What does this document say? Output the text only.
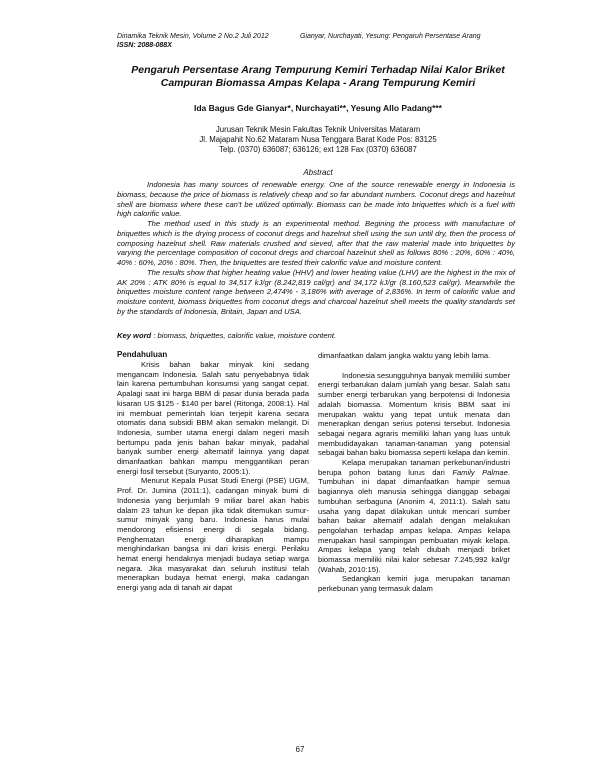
Dinamika Teknik Mesin, Volume 2 No.2 Juli 2012
ISSN: 2088-088X
Gianyar, Nurchayati, Yesung: Pengaruh Persentase Arang
Pengaruh Persentase Arang Tempurung Kemiri Terhadap Nilai Kalor Briket Campuran Biomassa Ampas Kelapa - Arang Tempurung Kemiri
Ida Bagus Gde Gianyar*, Nurchayati**, Yesung Allo Padang***
Jurusan Teknik Mesin Fakultas Teknik Universitas Mataram
Jl. Majapahit No.62 Mataram Nusa Tenggara Barat Kode Pos: 83125
Telp. (0370) 636087; 636126; ext 128 Fax (0370) 636087
Abstract

Indonesia has many sources of renewable energy. One of the source renewable energy in Indonesia is biomass, because the price of biomass is relatively cheap and so far abundant numbers. Coconut dregs and hazelnut shell are biomass where these can't be utilized optimally. Biomass can be made into briquettes which is a fuel with high calorific value.

The method used in this study is an experimental method. Begining the process with manufacture of briquettes which is the drying process of coconut dregs and hazelnut shell using the sun until dry, then the process of composing hazelnut shell. Raw materials crushed and sieved, after that the raw material made into briquettes by varying the percentage composition of coconut dregs and charcoal hazelnut shell as follows 80% : 20%, 60% : 40%, 40% : 60%, 20% : 80%. Then, the briquettes are tested their calorific value and moisture content.

The results show that higher heating value (HHV) and lower heating value (LHV) are the highest in the mix of AK 20% : ATK 80% is equal to 34,517 kJ/gr (8.242,819 cal/gr) and 34,172 kJ/gr (8.160,523 cal/gr). Meanwhile the briquettes moisture content range between 2,474% - 3,186% with average of 2,836%. In term of calorific value and moisture content, biomass briquettes from coconut dregs and charcoal hazelnut shell meets the quality standards set by the standards of Indonesia, Britain, Japan and USA.

Key word : biomass, briquettes, calorific value, moisture content.
Pendahuluan

Krisis bahan bakar minyak kini sedang mengancam Indonesia. Salah satu penyebabnya tidak lain karena pertumbuhan konsumsi yang sangat cepat. Apalagi saat ini harga BBM di pasar dunia berada pada kisaran US $125 - $140 per barel (Ritonga, 2008:1). Hal ini membuat pemerintah kian terjepit karena secara otomatis dana subsidi BBM akan semakin melangit. Di Indonesia, sumber utama energi dalam negeri masih bertumpu pada jenis bahan bakar minyak, padahal banyak sumber energi alternatif lainnya yang dapat dimanfaatkan bahkan mampu menggantikan peran energi fosil tersebut (Suryanto, 2005:1).

Menurut Kepala Pusat Studi Energi (PSE) UGM, Prof. Dr. Jumina (2011:1), cadangan minyak bumi di Indonesia yang berjumlah 9 miliar barel akan habis dalam 23 tahun ke depan jika tidak ditemukan sumur-sumur minyak yang baru. Indonesia harus mulai mendorong efisiensi energi di segala bidang. Penghematan energi diharapkan mampu menghindarkan bangsa ini dari krisis energi. Perilaku hemat energi hendaknya menjadi budaya setiap warga negara. Jika masyarakat dan seluruh institusi telah menerapkan budaya hemat energi, maka cadangan energi yang ada di tanah air dapat

dimanfaatkan dalam jangka waktu yang lebih lama.

Indonesia sesungguhnya banyak memiliki sumber energi terbarukan dalam jumlah yang besar. Salah satu sumber energi terbarukan yang berpotensi di Indonesia adalah biomassa. Momentum krisis BBM saat ini merupakan waktu yang tepat untuk menata dan menerapkan dengan serius potensi tersebut. Indonesia sebagai negara agraris memiliki lahan yang luas untuk membudidayakan tanaman-tanaman yang potensial sebagai bahan baku biomassa seperti kelapa dan kemiri.

Kelapa merupakan tanaman perkebunan/industri berupa pohon batang lurus dari Family Palmae. Tumbuhan ini dapat dimanfaatkan hampir semua bagiannya oleh manusia sehingga dianggap sebagai tumbuhan serbaguna (Anonim 4, 2011:1). Salah satu usaha yang dapat dilakukan untuk mencari sumber bahan bakar alternatif adalah dengan melakukan pengolahan terhadap ampas kelapa. Ampas kelapa merupakan hasil sampingan pembuatan miyak kelapa. Ampas kelapa yang telah diubah menjadi briket biomassa memiliki nilai kalor sebesar 7.245,992 kal/gr (Wahab, 2010:15).

Sedangkan kemiri juga merupakan tanaman perkebunan yang termasuk dalam

67
